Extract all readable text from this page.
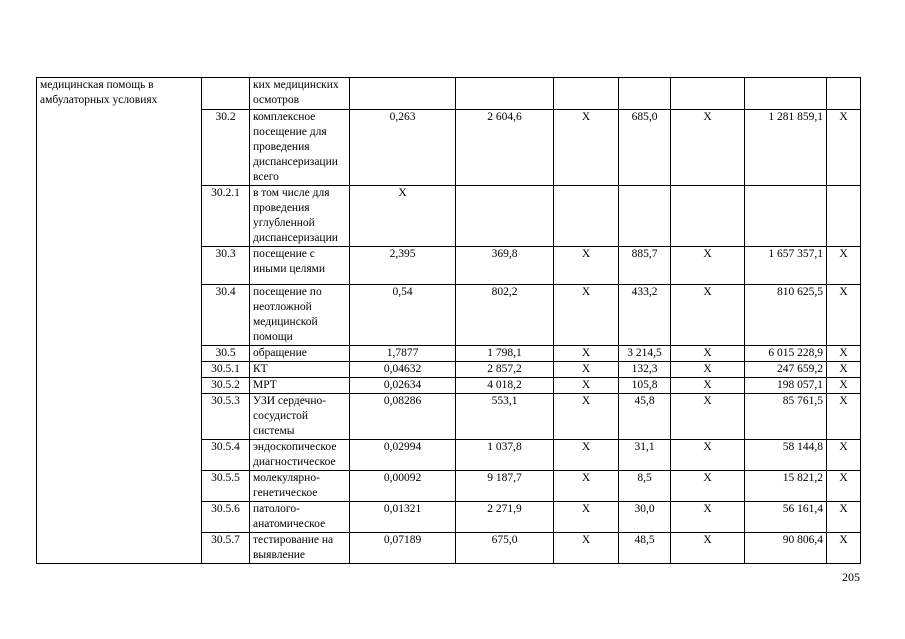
медицинская помощь в амбулаторных условиях		ких медицинских осмотров							
	30.2	комплексное посещение для проведения диспансеризации всего	0,263	2 604,6	Х	685,0	Х	1 281 859,1	Х
	30.2.1	в том числе для проведения углубленной диспансеризации	Х						
	30.3	посещение с иными целями	2,395	369,8	Х	885,7	Х	1 657 357,1	Х
	30.4	посещение по неотложной медицинской помощи	0,54	802,2	Х	433,2	Х	810 625,5	Х
	30.5	обращение	1,7877	1 798,1	Х	3 214,5	Х	6 015 228,9	Х
	30.5.1	КТ	0,04632	2 857,2	Х	132,3	Х	247 659,2	Х
	30.5.2	МРТ	0,02634	4 018,2	Х	105,8	Х	198 057,1	Х
	30.5.3	УЗИ сердечно-сосудистой системы	0,08286	553,1	Х	45,8	Х	85 761,5	Х
	30.5.4	эндоскопическое диагностическое	0,02994	1 037,8	Х	31,1	Х	58 144,8	Х
	30.5.5	молекулярно-генетическое	0,00092	9 187,7	Х	8,5	Х	15 821,2	Х
	30.5.6	патолого-анатомическое	0,01321	2 271,9	Х	30,0	Х	56 161,4	Х
	30.5.7	тестирование на выявление	0,07189	675,0	Х	48,5	Х	90 806,4	Х
205
